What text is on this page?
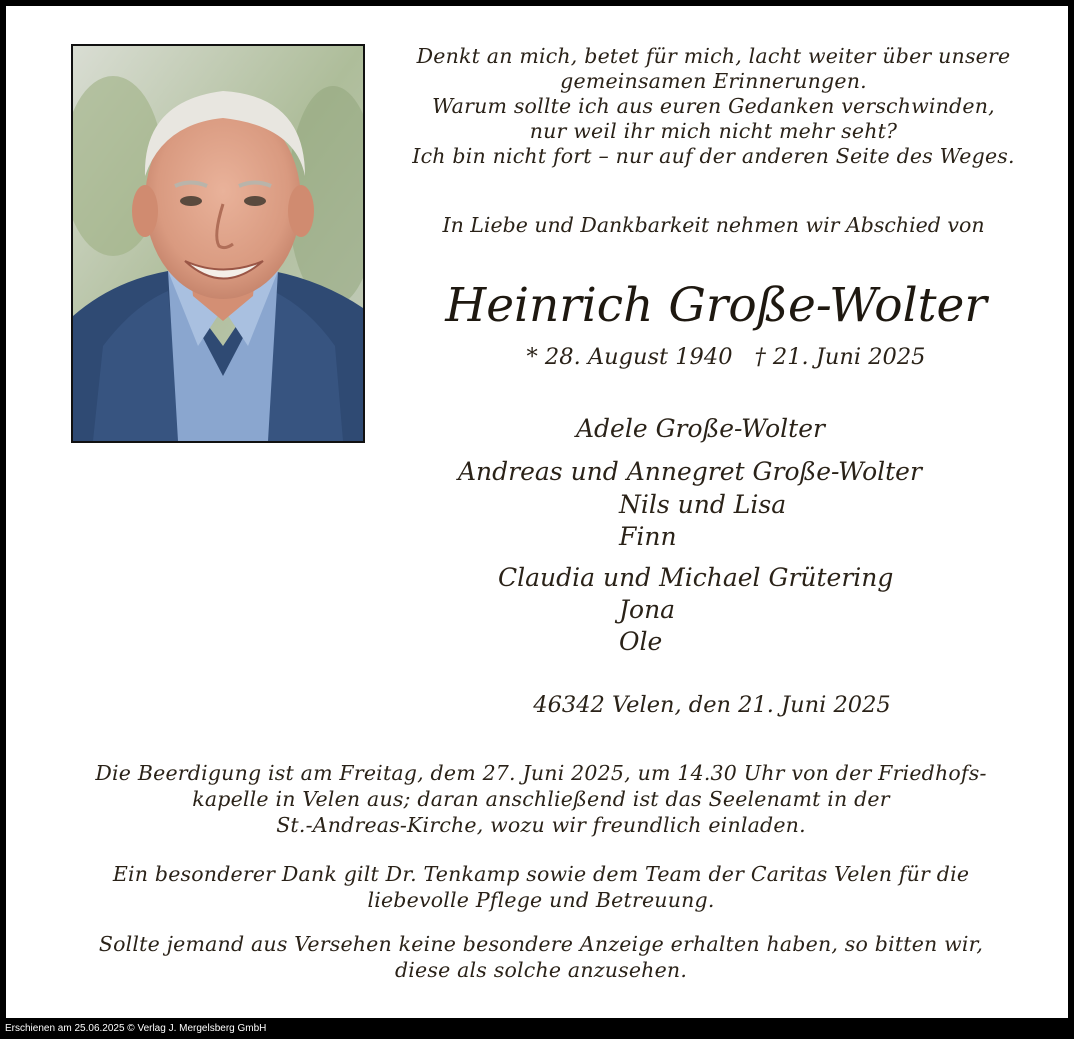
Denkt an mich, betet für mich, lacht weiter über unsere
gemeinsamen Erinnerungen.
Warum sollte ich aus euren Gedanken verschwinden,
nur weil ihr mich nicht mehr seht?
Ich bin nicht fort – nur auf der anderen Seite des Weges.
In Liebe und Dankbarkeit nehmen wir Abschied von
Heinrich Große-Wolter
* 28. August 1940 † 21. Juni 2025
Adele Große-Wolter
Andreas und Annegret Große-Wolter
Nils und Lisa
Finn
Claudia und Michael Grütering
Jona
Ole
46342 Velen, den 21. Juni 2025
Die Beerdigung ist am Freitag, dem 27. Juni 2025, um 14.30 Uhr von der Friedhofs-
kapelle in Velen aus; daran anschließend ist das Seelenamt in der
St.-Andreas-Kirche, wozu wir freundlich einladen.
Ein besonderer Dank gilt Dr. Tenkamp sowie dem Team der Caritas Velen für die
liebevolle Pflege und Betreuung.
Sollte jemand aus Versehen keine besondere Anzeige erhalten haben, so bitten wir,
diese als solche anzusehen.
Erschienen am 25.06.2025 © Verlag J. Mergelsberg GmbH
